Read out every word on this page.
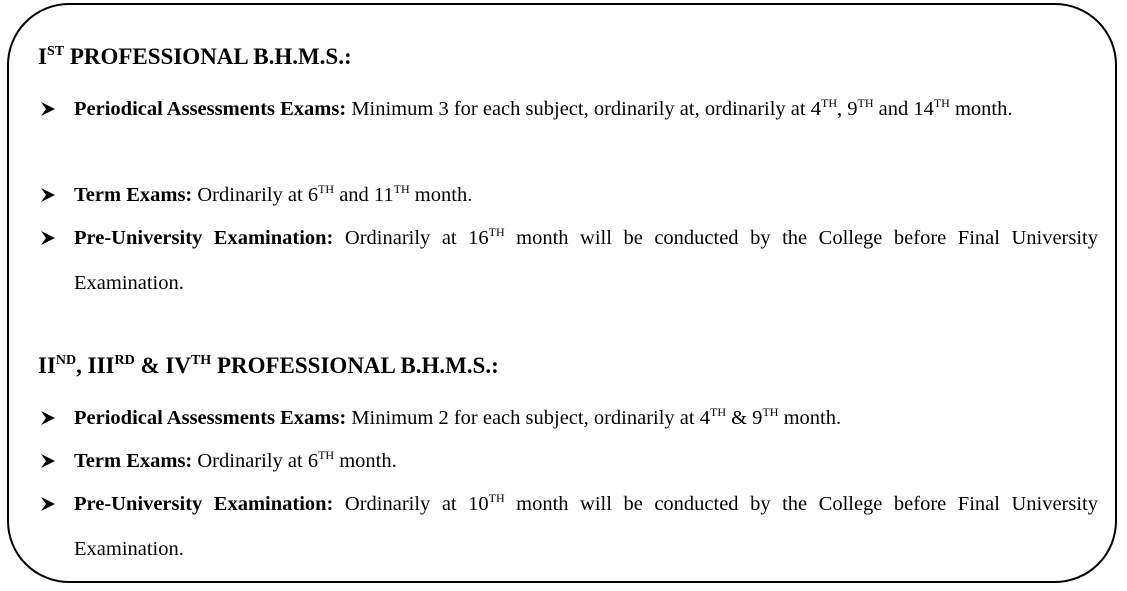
IST PROFESSIONAL B.H.M.S.:
Periodical Assessments Exams: Minimum 3 for each subject, ordinarily at, ordinarily at 4TH, 9TH and 14TH month.
Term Exams: Ordinarily at 6TH and 11TH month.
Pre-University Examination: Ordinarily at 16TH month will be conducted by the College before Final University Examination.
IIND, IIIRD & IVTH PROFESSIONAL B.H.M.S.:
Periodical Assessments Exams: Minimum 2 for each subject, ordinarily at 4TH & 9TH month.
Term Exams: Ordinarily at 6TH month.
Pre-University Examination: Ordinarily at 10TH month will be conducted by the College before Final University Examination.
